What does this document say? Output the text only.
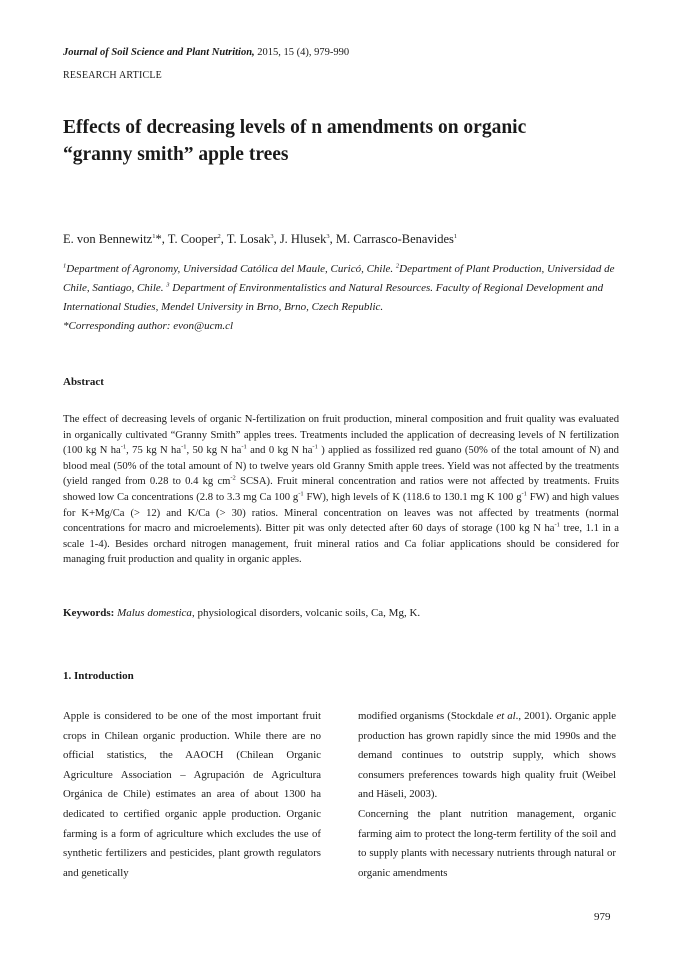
Journal of Soil Science and Plant Nutrition, 2015, 15 (4), 979-990
RESEARCH ARTICLE
Effects of decreasing levels of n amendments on organic
“granny smith” apple trees
E. von Bennewitz$^1$*, T. Cooper$^2$, T. Losak$^3$, J. Hlusek$^3$, M. Carrasco-Benavides$^1$
$^1$Department of Agronomy, Universidad Católica del Maule, Curicó, Chile. $^2$Department of Plant Production, Universidad de Chile, Santiago, Chile. $^3$ Department of Environmentalistics and Natural Resources. Faculty of Regional Development and International Studies, Mendel University in Brno, Brno, Czech Republic.
*Corresponding author: evon@ucm.cl
Abstract
The effect of decreasing levels of organic N-fertilization on fruit production, mineral composition and fruit quality was evaluated in organically cultivated “Granny Smith” apples trees. Treatments included the application of decreasing levels of N fertilization (100 kg N $ha^{-1}$, 75 kg N $ha^{-1}$, 50 kg N $ha^{-1}$ and 0 kg N $ha^{-1}$ ) applied as fossilized red guano (50% of the total amount of N) and blood meal (50% of the total amount of N) to twelve years old Granny Smith apple trees. Yield was not affected by the treatments (yield ranged from 0.28 to 0.4 kg $cm^{-2}$ SCSA). Fruit mineral concentration and ratios were not affected by treatments. Fruits showed low Ca concentrations (2.8 to 3.3 mg Ca 100 $g^{-1}$ FW), high levels of K (118.6 to 130.1 mg K 100 $g^{-1}$ FW) and high values for K+Mg/Ca (> 12) and K/Ca (> 30) ratios. Mineral concentration on leaves was not affected by treatments (normal concentrations for macro and microelements). Bitter pit was only detected after 60 days of storage (100 kg N $ha^{-1}$ tree, 1.1 in a scale 1-4). Besides orchard nitrogen management, fruit mineral ratios and Ca foliar applications should be considered for managing fruit production and quality in organic apples.
Keywords: Malus domestica, physiological disorders, volcanic soils, Ca, Mg, K.
1. Introduction
Apple is considered to be one of the most important fruit crops in Chilean organic production. While there are no official statistics, the AAOCH (Chilean Organic Agriculture Association – Agrupación de Agricultura Orgánica de Chile) estimates an area of about 1300 ha dedicated to certified organic apple production. Organic farming is a form of agriculture which excludes the use of synthetic fertilizers and pesticides, plant growth regulators and genetically
modified organisms (Stockdale et al., 2001). Organic apple production has grown rapidly since the mid 1990s and the demand continues to outstrip supply, which shows consumers preferences towards high quality fruit (Weibel and Häseli, 2003).
Concerning the plant nutrition management, organic farming aim to protect the long-term fertility of the soil and to supply plants with necessary nutrients through natural or organic amendments
979
